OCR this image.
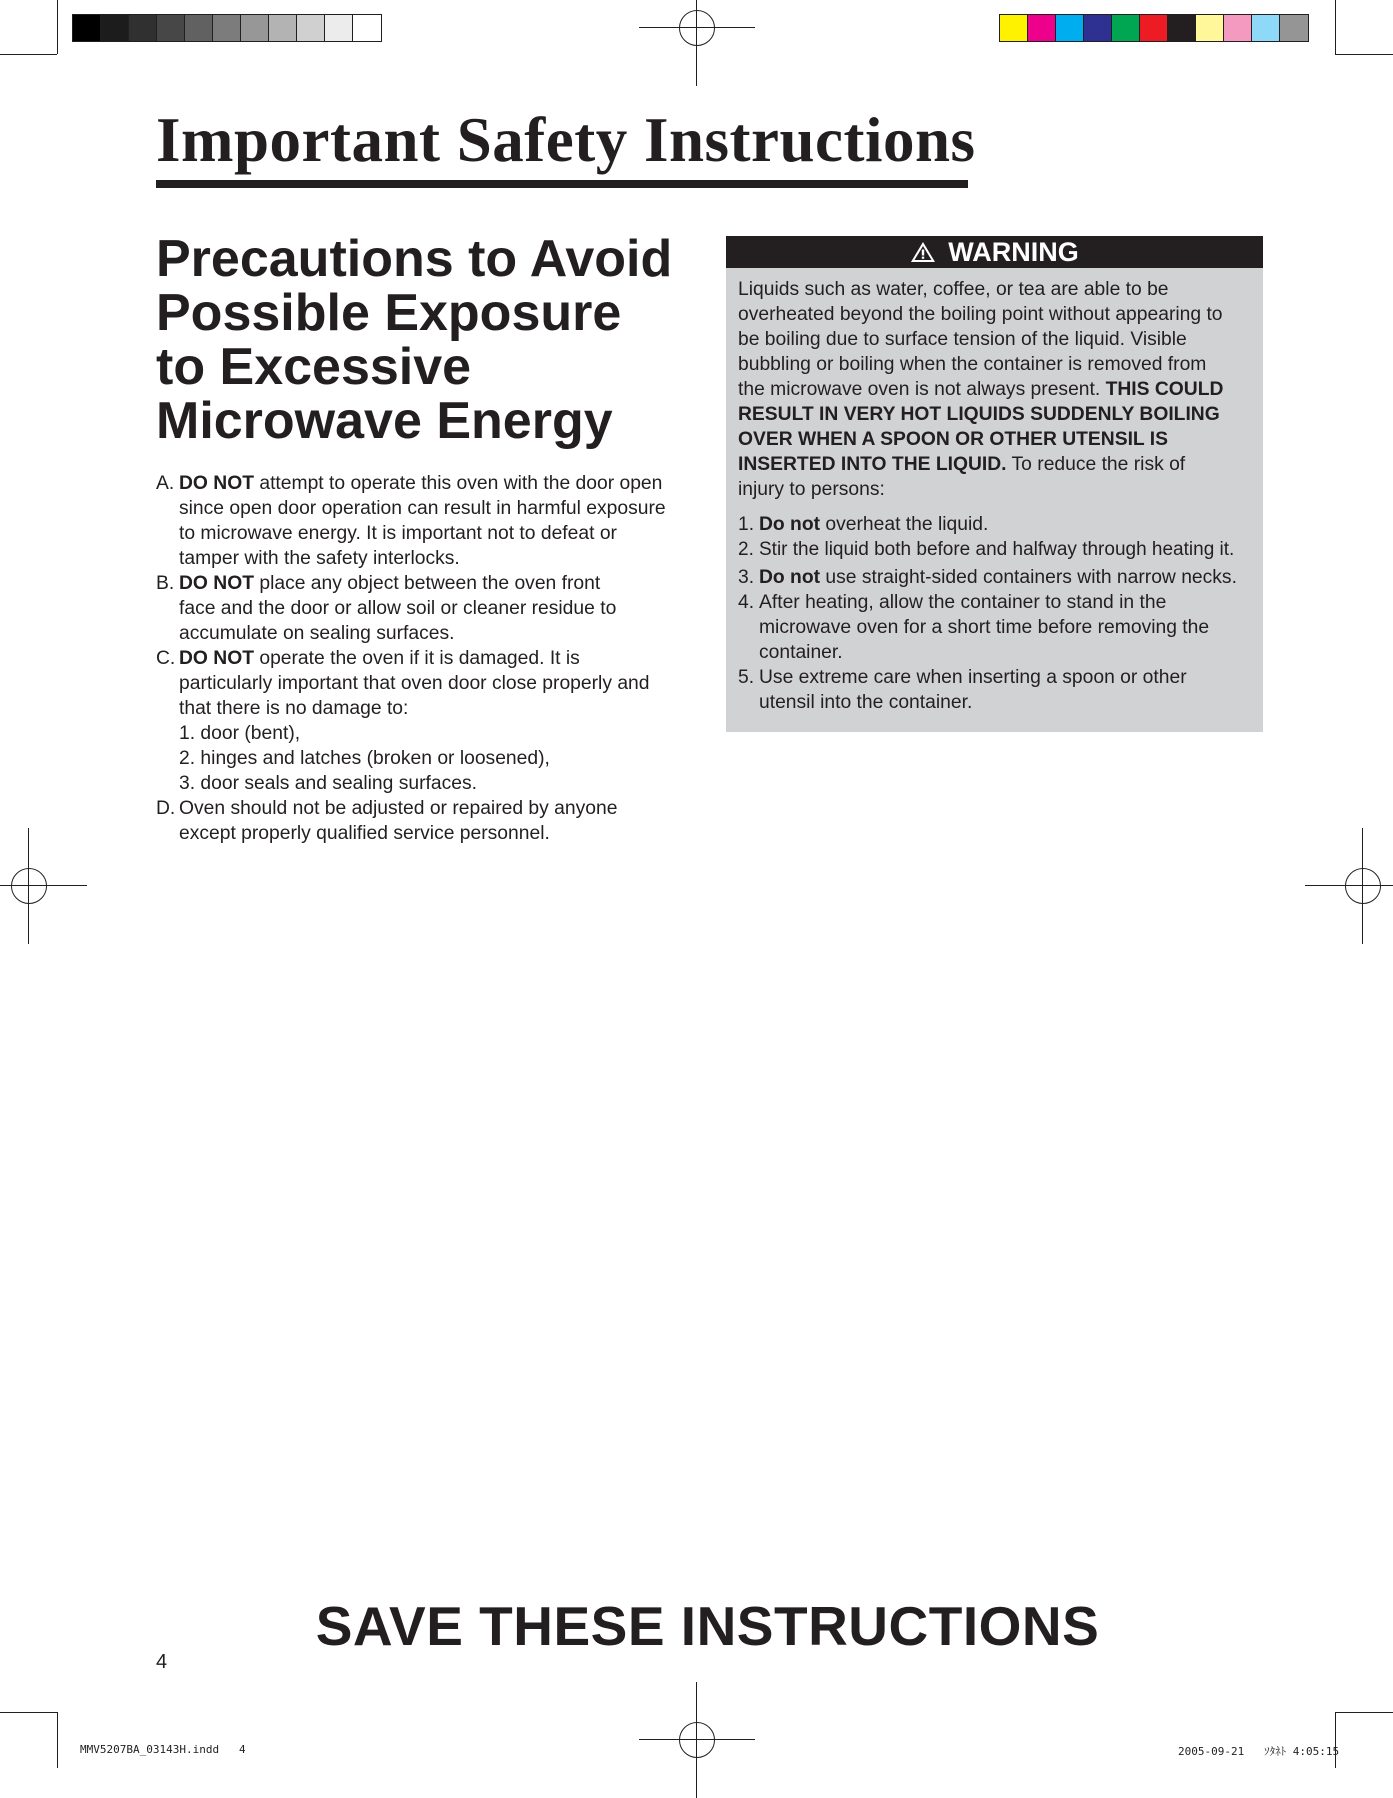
Important Safety Instructions
Precautions to Avoid
Possible Exposure
to Excessive
Microwave Energy
A. DO NOT attempt to operate this oven with the door open
since open door operation can result in harmful exposure
to microwave energy. It is important not to defeat or
tamper with the safety interlocks.
B. DO NOT place any object between the oven front
face and the door or allow soil or cleaner residue to
accumulate on sealing surfaces.
C. DO NOT operate the oven if it is damaged. It is
particularly important that oven door close properly and
that there is no damage to:
1. door (bent),
2. hinges and latches (broken or loosened),
3. door seals and sealing surfaces.
D. Oven should not be adjusted or repaired by anyone
except properly qualified service personnel.
WARNING
Liquids such as water, coffee, or tea are able to be
overheated beyond the boiling point without appearing to
be boiling due to surface tension of the liquid. Visible
bubbling or boiling when the container is removed from
the microwave oven is not always present. THIS COULD
RESULT IN VERY HOT LIQUIDS SUDDENLY BOILING
OVER WHEN A SPOON OR OTHER UTENSIL IS
INSERTED INTO THE LIQUID. To reduce the risk of
injury to persons:
1. Do not overheat the liquid.
2. Stir the liquid both before and halfway through heating it.
3. Do not use straight-sided containers with narrow necks.
4. After heating, allow the container to stand in the
microwave oven for a short time before removing the
container.
5. Use extreme care when inserting a spoon or other
utensil into the container.
SAVE THESE INSTRUCTIONS
4
MMV5207BA_03143H.indd   4	2005-09-21   ｿﾀﾈﾄ 4:05:15
